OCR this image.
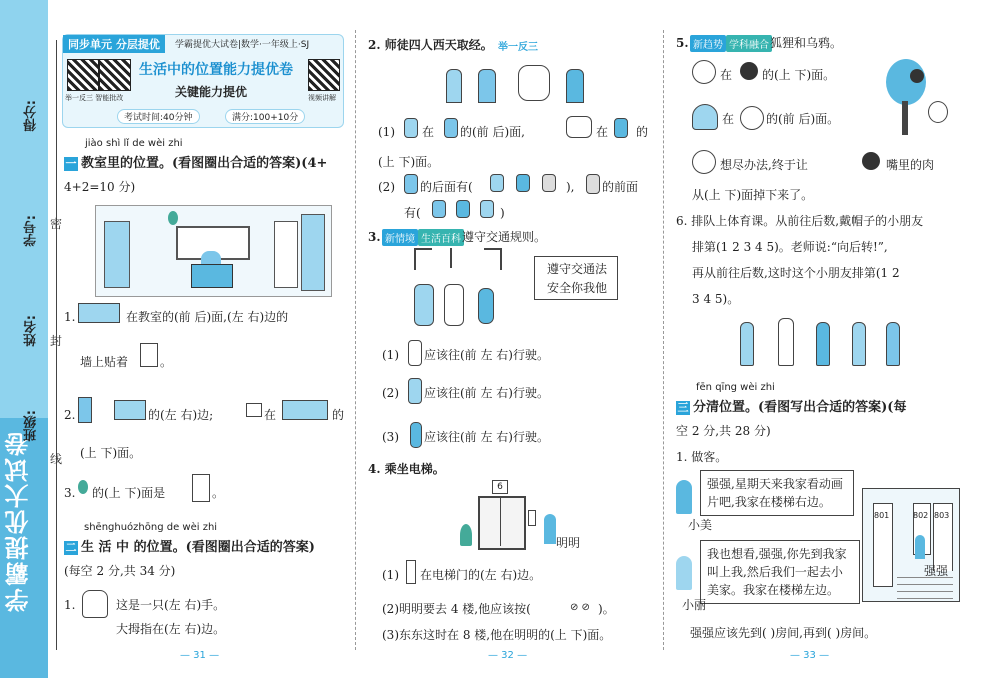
学霸提优大试卷
得分:
学号:
姓名:
班级:
密
封
线
同步单元 分层提优	学霸提优大试卷|数学·一年级上·SJ
生活中的位置能力提优卷
关键能力提优
举一反三 智能批改	视频讲解
考试时间:40分钟	满分:100+10分
jiào shì lǐ de wèi zhi
一 教室里的位置。(看图圈出合适的答案)(4+
4+2=10 分)
1.	在教室的(前 后)面,(左 右)边的
墙上贴着	。
2.	的(左 右)边;	在	的
(上 下)面。
3. 的(上 下)面是	。
shēnghuózhōng de wèi zhi
二 生 活 中 的位置。(看图圈出合适的答案)
(每空 2 分,共 34 分)
1.	这是一只(左 右)手。
大拇指在(左 右)边。
— 31 —
2. 师徒四人西天取经。 举一反三
(1) 在 的(前 后)面,	在 的
(上 下)面。
(2) 的后面有(	), 的前面
有(	)
3. 新情境 生活百科 遵守交通规则。
遵守交通法
安全你我他
(1) 应该往(前 左 右)行驶。
(2) 应该往(前 左 右)行驶。
(3) 应该往(前 左 右)行驶。
4. 乘坐电梯。
6
明明
(1) 在电梯门的(左 右)边。
(2)明明要去 4 楼,他应该按(	⊘ ⊘ )。
(3)东东这时在 8 楼,他在明明的(上 下)面。
— 32 —
5. 新趋势 学科融合 狐狸和乌鸦。
在 的(上 下)面。
在	的(前 后)面。
想尽办法,终于让	嘴里的肉
从(上 下)面掉下来了。
6. 排队上体育课。从前往后数,戴帽子的小朋友
排第(1 2 3 4 5)。老师说:“向后转!”,
再从前往后数,这时这个小朋友排第(1 2
3 4 5)。
fēn qīng wèi zhi
三 分清位置。(看图写出合适的答案)(每
空 2 分,共 28 分)
1. 做客。
强强,星期天来我家看动画片吧,我家在楼梯右边。
小美
我也想看,强强,你先到我家叫上我,然后我们一起去小美家。我家在楼梯左边。
小丽
801	802 803
强强
强强应该先到( )房间,再到( )房间。
— 33 —
